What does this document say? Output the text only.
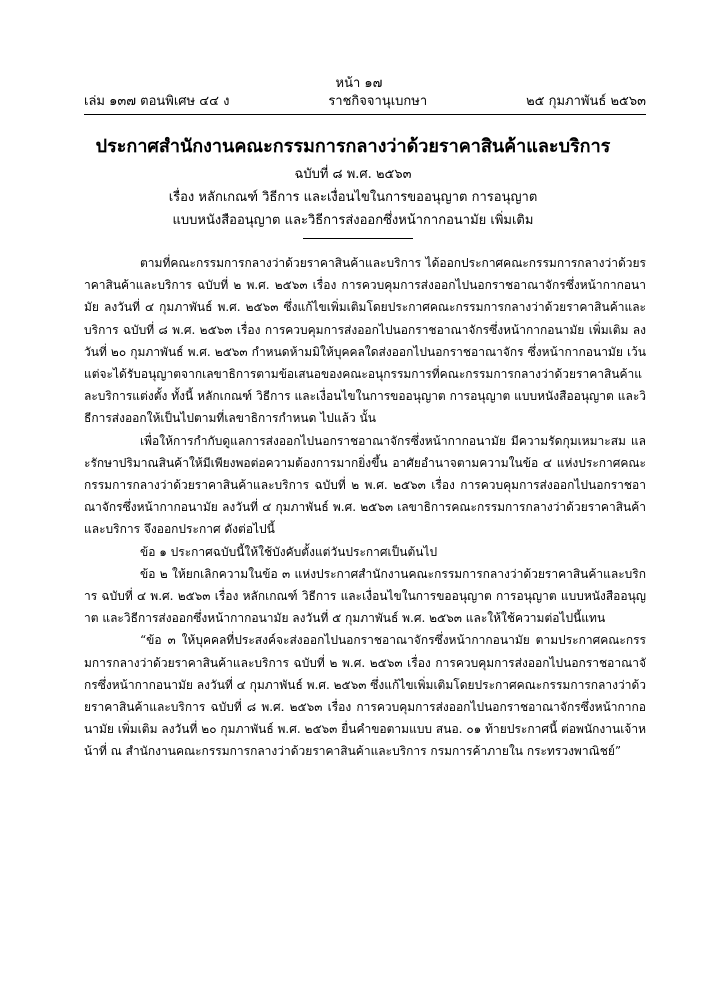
หน้า ๑๗
เล่ม ๑๓๗ ตอนพิเศษ ๔๔ ง	ราชกิจจานุเบกษา	๒๕ กุมภาพันธ์ ๒๕๖๓
ประกาศสำนักงานคณะกรรมการกลางว่าด้วยราคาสินค้าและบริการ
ฉบับที่ ๘ พ.ศ. ๒๕๖๓
เรื่อง หลักเกณฑ์ วิธีการ และเงื่อนไขในการขออนุญาต การอนุญาต
แบบหนังสืออนุญาต และวิธีการส่งออกซึ่งหน้ากากอนามัย เพิ่มเติม

ตามที่คณะกรรมการกลางว่าด้วยราคาสินค้าและบริการ ได้ออกประกาศคณะกรรมการกลางว่าด้วยราคาสินค้าและบริการ ฉบับที่ ๒ พ.ศ. ๒๕๖๓ เรื่อง การควบคุมการส่งออกไปนอกราชอาณาจักรซึ่งหน้ากากอนามัย ลงวันที่ ๔ กุมภาพันธ์ พ.ศ. ๒๕๖๓ ซึ่งแก้ไขเพิ่มเติมโดยประกาศคณะกรรมการกลางว่าด้วยราคาสินค้าและบริการ ฉบับที่ ๘ พ.ศ. ๒๕๖๓ เรื่อง การควบคุมการส่งออกไปนอกราชอาณาจักรซึ่งหน้ากากอนามัย เพิ่มเติม ลงวันที่ ๒๐ กุมภาพันธ์ พ.ศ. ๒๕๖๓ กำหนดห้ามมิให้บุคคลใดส่งออกไปนอกราชอาณาจักร ซึ่งหน้ากากอนามัย เว้นแต่จะได้รับอนุญาตจากเลขาธิการตามข้อเสนอของคณะอนุกรรมการที่คณะกรรมการกลางว่าด้วยราคาสินค้าและบริการแต่งตั้ง ทั้งนี้ หลักเกณฑ์ วิธีการ และเงื่อนไขในการขออนุญาต การอนุญาต แบบหนังสืออนุญาต และวิธีการส่งออกให้เป็นไปตามที่เลขาธิการกำหนด ไปแล้ว นั้น

เพื่อให้การกำกับดูแลการส่งออกไปนอกราชอาณาจักรซึ่งหน้ากากอนามัย มีความรัดกุมเหมาะสม และรักษาปริมาณสินค้าให้มีเพียงพอต่อความต้องการมากยิ่งขึ้น อาศัยอำนาจตามความในข้อ ๔ แห่งประกาศคณะกรรมการกลางว่าด้วยราคาสินค้าและบริการ ฉบับที่ ๒ พ.ศ. ๒๕๖๓ เรื่อง การควบคุมการส่งออกไปนอกราชอาณาจักรซึ่งหน้ากากอนามัย ลงวันที่ ๔ กุมภาพันธ์ พ.ศ. ๒๕๖๓ เลขาธิการคณะกรรมการกลางว่าด้วยราคาสินค้าและบริการ จึงออกประกาศ ดังต่อไปนี้

ข้อ ๑ ประกาศฉบับนี้ให้ใช้บังคับตั้งแต่วันประกาศเป็นต้นไป

ข้อ ๒ ให้ยกเลิกความในข้อ ๓ แห่งประกาศสำนักงานคณะกรรมการกลางว่าด้วยราคาสินค้าและบริการ ฉบับที่ ๔ พ.ศ. ๒๕๖๓ เรื่อง หลักเกณฑ์ วิธีการ และเงื่อนไขในการขออนุญาต การอนุญาต แบบหนังสืออนุญาต และวิธีการส่งออกซึ่งหน้ากากอนามัย ลงวันที่ ๕ กุมภาพันธ์ พ.ศ. ๒๕๖๓ และให้ใช้ความต่อไปนี้แทน

“ข้อ ๓ ให้บุคคลที่ประสงค์จะส่งออกไปนอกราชอาณาจักรซึ่งหน้ากากอนามัย ตามประกาศคณะกรรมการกลางว่าด้วยราคาสินค้าและบริการ ฉบับที่ ๒ พ.ศ. ๒๕๖๓ เรื่อง การควบคุมการส่งออกไปนอกราชอาณาจักรซึ่งหน้ากากอนามัย ลงวันที่ ๔ กุมภาพันธ์ พ.ศ. ๒๕๖๓ ซึ่งแก้ไขเพิ่มเติมโดยประกาศคณะกรรมการกลางว่าด้วยราคาสินค้าและบริการ ฉบับที่ ๘ พ.ศ. ๒๕๖๓ เรื่อง การควบคุมการส่งออกไปนอกราชอาณาจักรซึ่งหน้ากากอนามัย เพิ่มเติม ลงวันที่ ๒๐ กุมภาพันธ์ พ.ศ. ๒๕๖๓ ยื่นคำขอตามแบบ สนอ. ๐๑ ท้ายประกาศนี้ ต่อพนักงานเจ้าหน้าที่ ณ สำนักงานคณะกรรมการกลางว่าด้วยราคาสินค้าและบริการ กรมการค้าภายใน กระทรวงพาณิชย์”
